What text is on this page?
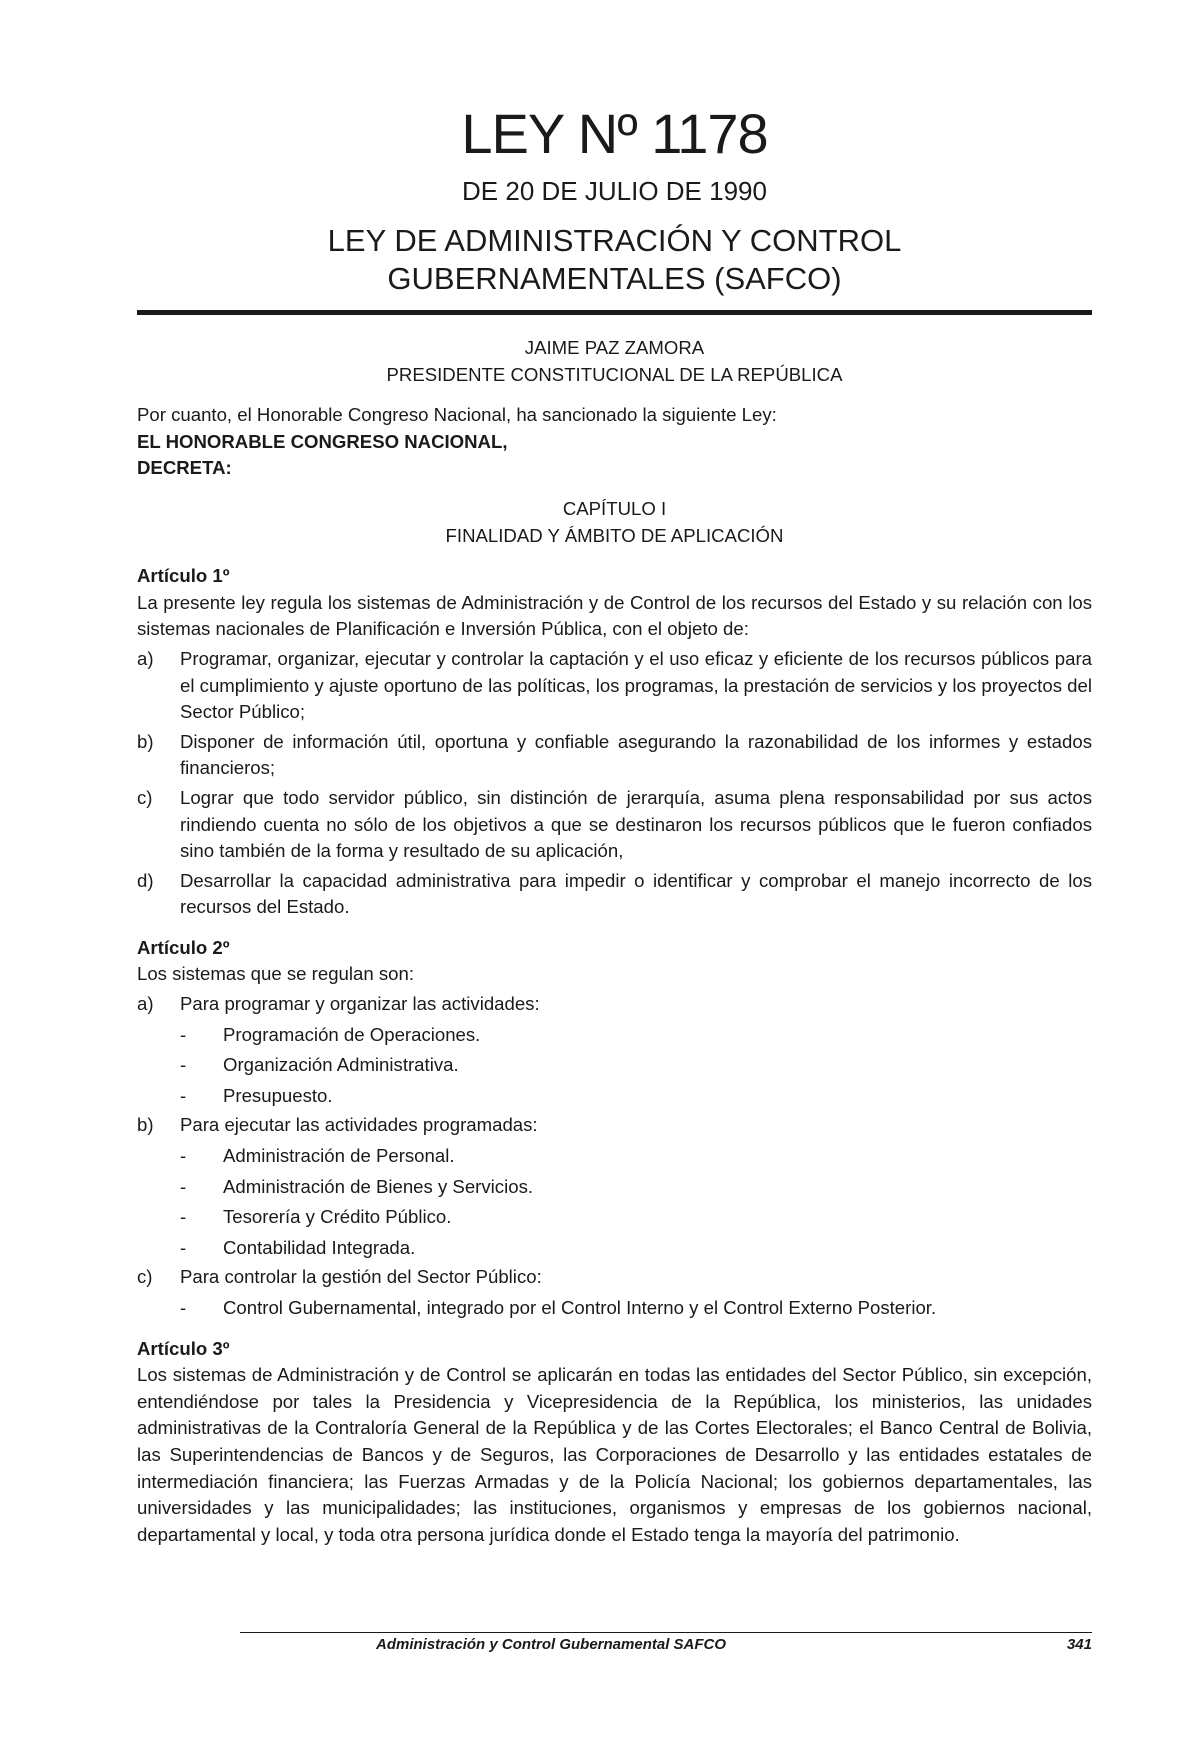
LEY Nº 1178
DE 20 DE JULIO DE 1990
LEY DE ADMINISTRACIÓN Y CONTROL
GUBERNAMENTALES (SAFCO)

JAIME PAZ ZAMORA

PRESIDENTE CONSTITUCIONAL DE LA REPÚBLICA

Por cuanto, el Honorable Congreso Nacional, ha sancionado la siguiente Ley:

EL HONORABLE CONGRESO NACIONAL,

DECRETA:

CAPÍTULO I

FINALIDAD Y ÁMBITO DE APLICACIÓN

Artículo 1º

La presente ley regula los sistemas de Administración y de Control de los recursos del Estado y su relación con los sistemas nacionales de Planificación e Inversión Pública, con el objeto de:

a)	Programar, organizar, ejecutar y controlar la captación y el uso eficaz y eficiente de los recursos públicos para el cumplimiento y ajuste oportuno de las políticas, los programas, la prestación de servicios y los proyectos del Sector Público;
b)	Disponer de información útil, oportuna y confiable asegurando la razonabilidad de los informes y estados financieros;
c)	Lograr que todo servidor público, sin distinción de jerarquía, asuma plena responsabilidad por sus actos rindiendo cuenta no sólo de los objetivos a que se destinaron los recursos públicos que le fueron confiados sino también de la forma y resultado de su aplicación,
d)	Desarrollar la capacidad administrativa para impedir o identificar y comprobar el manejo incorrecto de los recursos del Estado.

Artículo 2º

Los sistemas que se regulan son:

a)	Para programar y organizar las actividades:
-	Programación de Operaciones.
-	Organización Administrativa.
-	Presupuesto.
b)	Para ejecutar las actividades programadas:
-	Administración de Personal.
-	Administración de Bienes y Servicios.
-	Tesorería y Crédito Público.
-	Contabilidad Integrada.
c)	Para controlar la gestión del Sector Público:
-	Control Gubernamental, integrado por el Control Interno y el Control Externo Posterior.

Artículo 3º

Los sistemas de Administración y de Control se aplicarán en todas las entidades del Sector Público, sin excepción, entendiéndose por tales la Presidencia y Vicepresidencia de la República, los ministerios, las unidades administrativas de la Contraloría General de la República y de las Cortes Electorales; el Banco Central de Bolivia, las Superintendencias de Bancos y de Seguros, las Corporaciones de Desarrollo y las entidades estatales de intermediación financiera; las Fuerzas Armadas y de la Policía Nacional; los gobiernos departamentales, las universidades y las municipalidades; las instituciones, organismos y empresas de los gobiernos nacional, departamental y local, y toda otra persona jurídica donde el Estado tenga la mayoría del patrimonio.

Administración y Control Gubernamental SAFCO	341
